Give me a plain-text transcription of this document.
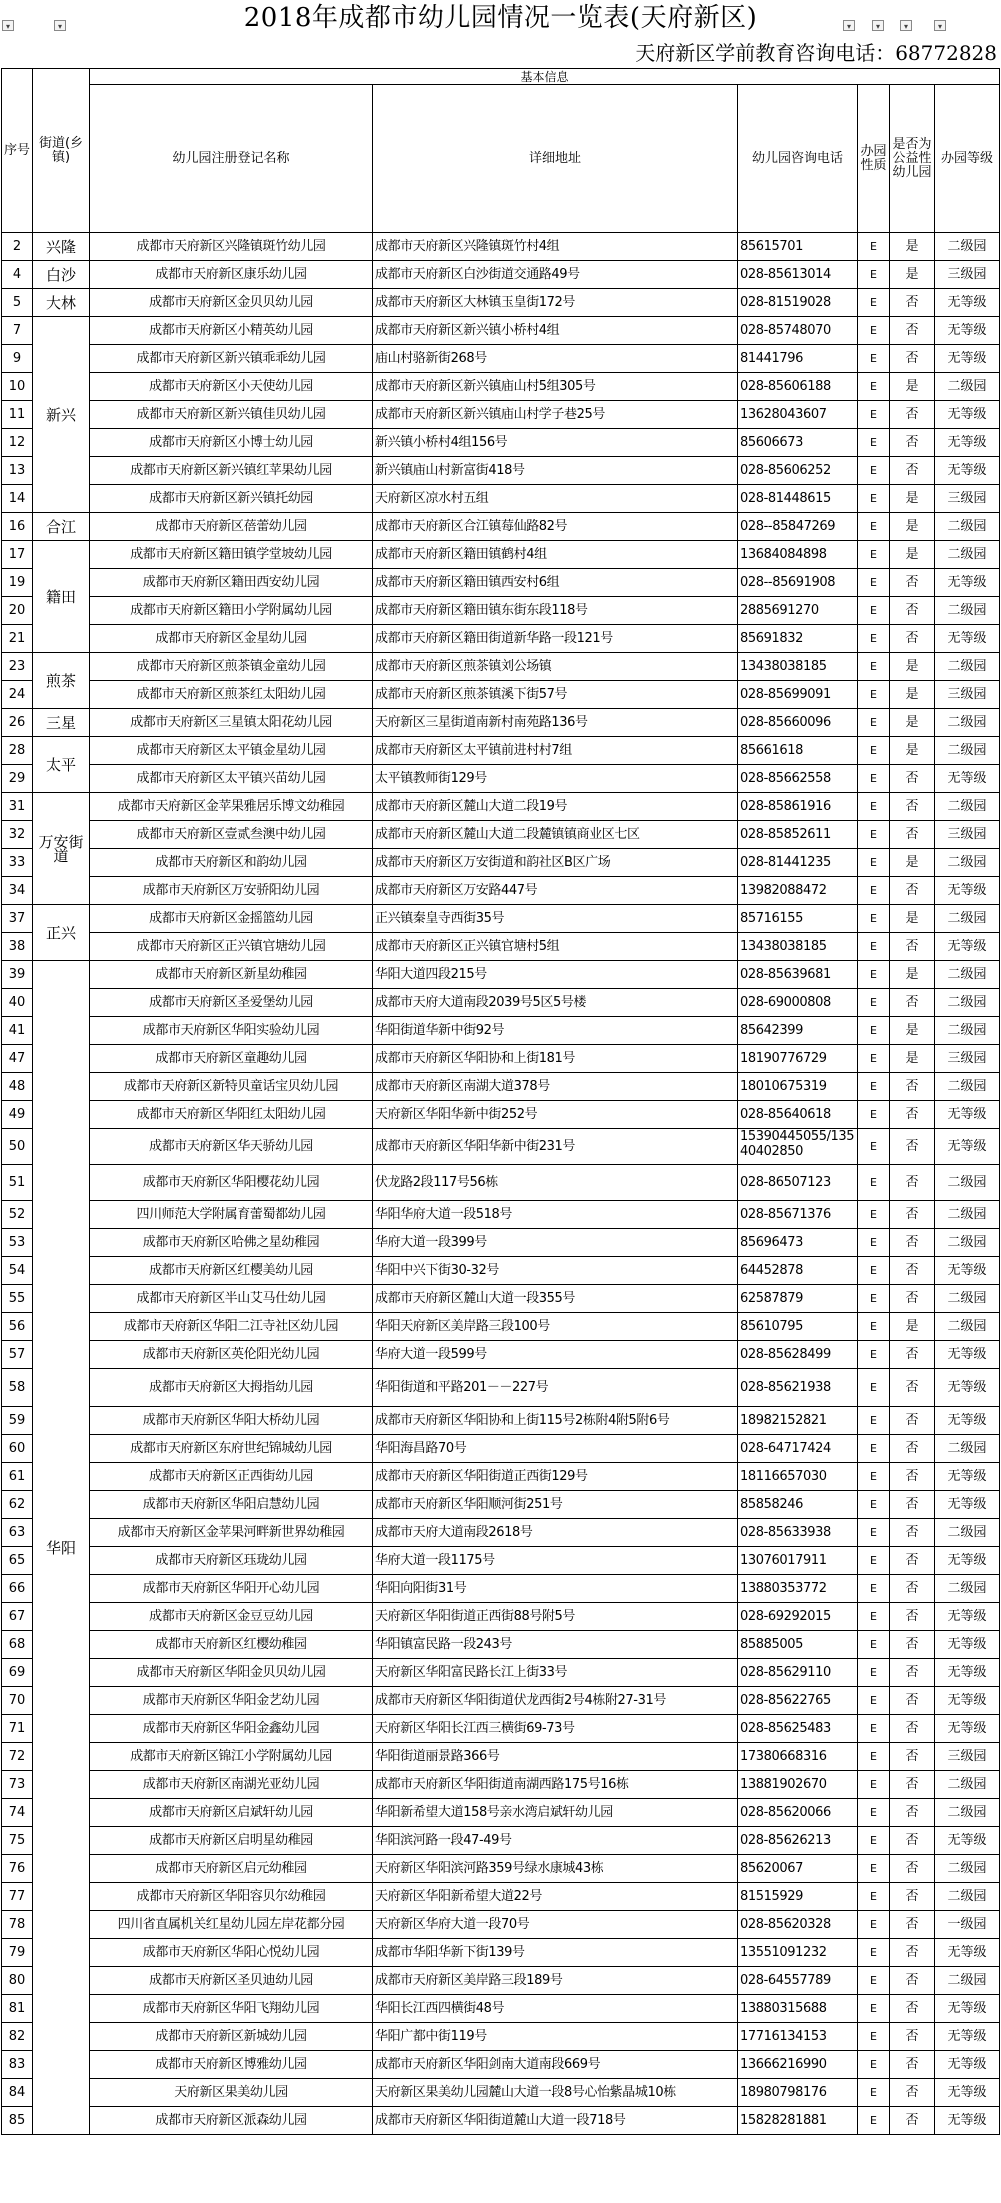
2018年成都市幼儿园情况一览表(天府新区)
▾	▾	▾	▾	▾	▾
天府新区学前教育咨询电话：68772828
序号	街道(乡镇)	基本信息					
		幼儿园注册登记名称	详细地址	幼儿园咨询电话	办园性质	是否为公益性幼儿园	办园等级
2	兴隆	成都市天府新区兴隆镇斑竹幼儿园	成都市天府新区兴隆镇斑竹村4组	85615701	E	是	二级园
4	白沙	成都市天府新区康乐幼儿园	成都市天府新区白沙街道交通路49号	028-85613014	E	是	三级园
5	大林	成都市天府新区金贝贝幼儿园	成都市天府新区大林镇玉皇街172号	028-81519028	E	否	无等级
7	新兴	成都市天府新区小精英幼儿园	成都市天府新区新兴镇小桥村4组	028-85748070	E	否	无等级
9		成都市天府新区新兴镇乖乖幼儿园	庙山村骆新街268号	81441796	E	否	无等级
10		成都市天府新区小天使幼儿园	成都市天府新区新兴镇庙山村5组305号	028-85606188	E	是	二级园
11		成都市天府新区新兴镇佳贝幼儿园	成都市天府新区新兴镇庙山村学子巷25号	13628043607	E	否	无等级
12		成都市天府新区小博士幼儿园	新兴镇小桥村4组156号	85606673	E	否	无等级
13		成都市天府新区新兴镇红苹果幼儿园	新兴镇庙山村新富街418号	028-85606252	E	否	无等级
14		成都市天府新区新兴镇托幼园	天府新区凉水村五组	028-81448615	E	是	三级园
16	合江	成都市天府新区蓓蕾幼儿园	成都市天府新区合江镇莓仙路82号	028--85847269	E	是	二级园
17	籍田	成都市天府新区籍田镇学堂坡幼儿园	成都市天府新区籍田镇鹤村4组	13684084898	E	是	二级园
19		成都市天府新区籍田西安幼儿园	成都市天府新区籍田镇西安村6组	028--85691908	E	否	无等级
20		成都市天府新区籍田小学附属幼儿园	成都市天府新区籍田镇东街东段118号	2885691270	E	否	二级园
21		成都市天府新区金星幼儿园	成都市天府新区籍田街道新华路一段121号	85691832	E	否	无等级
23	煎茶	成都市天府新区煎茶镇金童幼儿园	成都市天府新区煎茶镇刘公场镇	13438038185	E	是	二级园
24		成都市天府新区煎茶红太阳幼儿园	成都市天府新区煎茶镇溪下街57号	028-85699091	E	是	三级园
26	三星	成都市天府新区三星镇太阳花幼儿园	天府新区三星街道南新村南苑路136号	028-85660096	E	是	二级园
28	太平	成都市天府新区太平镇金星幼儿园	成都市天府新区太平镇前进村村7组	85661618	E	是	二级园
29		成都市天府新区太平镇兴苗幼儿园	太平镇教师街129号	028-85662558	E	否	无等级
31	万安街道	成都市天府新区金苹果雅居乐博文幼稚园	成都市天府新区麓山大道二段19号	028-85861916	E	否	二级园
32		成都市天府新区壹贰叁澳中幼儿园	成都市天府新区麓山大道二段麓镇镇商业区七区	028-85852611	E	否	三级园
33		成都市天府新区和韵幼儿园	成都市天府新区万安街道和韵社区B区广场	028-81441235	E	是	二级园
34		成都市天府新区万安骄阳幼儿园	成都市天府新区万安路447号	13982088472	E	否	无等级
37	正兴	成都市天府新区金摇篮幼儿园	正兴镇秦皇寺西街35号	85716155	E	是	二级园
38		成都市天府新区正兴镇官塘幼儿园	成都市天府新区正兴镇官塘村5组	13438038185	E	否	无等级
39	华阳	成都市天府新区新星幼稚园	华阳大道四段215号	028-85639681	E	是	二级园
40		成都市天府新区圣爱堡幼儿园	成都市天府大道南段2039号5区5号楼	028-69000808	E	否	二级园
41		成都市天府新区华阳实验幼儿园	华阳街道华新中街92号	85642399	E	是	二级园
47		成都市天府新区童趣幼儿园	成都市天府新区华阳协和上街181号	18190776729	E	是	三级园
48		成都市天府新区新特贝童话宝贝幼儿园	成都市天府新区南湖大道378号	18010675319	E	否	二级园
49		成都市天府新区华阳红太阳幼儿园	天府新区华阳华新中街252号	028-85640618	E	否	无等级
50		成都市天府新区华天骄幼儿园	成都市天府新区华阳华新中街231号	15390445055/13540402850	E	否	无等级
51		成都市天府新区华阳樱花幼儿园	伏龙路2段117号56栋	028-86507123	E	否	二级园
52		四川师范大学附属育蕾蜀都幼儿园	华阳华府大道一段518号	028-85671376	E	否	二级园
53		成都市天府新区哈佛之星幼稚园	华府大道一段399号	85696473	E	否	二级园
54		成都市天府新区红樱美幼儿园	华阳中兴下街30-32号	64452878	E	否	无等级
55		成都市天府新区半山艾马仕幼儿园	成都市天府新区麓山大道一段355号	62587879	E	否	二级园
56		成都市天府新区华阳二江寺社区幼儿园	华阳天府新区美岸路三段100号	85610795	E	是	二级园
57		成都市天府新区英伦阳光幼儿园	华府大道一段599号	028-85628499	E	否	无等级
58		成都市天府新区大拇指幼儿园	华阳街道和平路201－－227号	028-85621938	E	否	无等级
59		成都市天府新区华阳大桥幼儿园	成都市天府新区华阳协和上街115号2栋附4附5附6号	18982152821	E	否	无等级
60		成都市天府新区东府世纪锦城幼儿园	华阳海昌路70号	028-64717424	E	否	二级园
61		成都市天府新区正西街幼儿园	成都市天府新区华阳街道正西街129号	18116657030	E	否	无等级
62		成都市天府新区华阳启慧幼儿园	成都市天府新区华阳顺河街251号	85858246	E	否	无等级
63		成都市天府新区金苹果河畔新世界幼稚园	成都市天府大道南段2618号	028-85633938	E	否	二级园
65		成都市天府新区珏珑幼儿园	华府大道一段1175号	13076017911	E	否	无等级
66		成都市天府新区华阳开心幼儿园	华阳向阳街31号	13880353772	E	否	二级园
67		成都市天府新区金豆豆幼儿园	天府新区华阳街道正西街88号附5号	028-69292015	E	否	无等级
68		成都市天府新区红樱幼稚园	华阳镇富民路一段243号	85885005	E	否	无等级
69		成都市天府新区华阳金贝贝幼儿园	天府新区华阳富民路长江上街33号	028-85629110	E	否	无等级
70		成都市天府新区华阳金艺幼儿园	成都市天府新区华阳街道伏龙西街2号4栋附27-31号	028-85622765	E	否	无等级
71		成都市天府新区华阳金鑫幼儿园	天府新区华阳长江西三横街69-73号	028-85625483	E	否	无等级
72		成都市天府新区锦江小学附属幼儿园	华阳街道丽景路366号	17380668316	E	否	三级园
73		成都市天府新区南湖光亚幼儿园	成都市天府新区华阳街道南湖西路175号16栋	13881902670	E	否	二级园
74		成都市天府新区启斌轩幼儿园	华阳新希望大道158号亲水湾启斌轩幼儿园	028-85620066	E	否	二级园
75		成都市天府新区启明星幼稚园	华阳滨河路一段47-49号	028-85626213	E	否	无等级
76		成都市天府新区启元幼稚园	天府新区华阳滨河路359号绿水康城43栋	85620067	E	否	二级园
77		成都市天府新区华阳容贝尔幼稚园	天府新区华阳新希望大道22号	81515929	E	否	二级园
78		四川省直属机关红星幼儿园左岸花都分园	天府新区华府大道一段70号	028-85620328	E	否	一级园
79		成都市天府新区华阳心悦幼儿园	成都市华阳华新下街139号	13551091232	E	否	无等级
80		成都市天府新区圣贝迪幼儿园	成都市天府新区美岸路三段189号	028-64557789	E	否	二级园
81		成都市天府新区华阳飞翔幼儿园	华阳长江西四横街48号	13880315688	E	否	无等级
82		成都市天府新区新城幼儿园	华阳广都中街119号	17716134153	E	否	无等级
83		成都市天府新区博雅幼儿园	成都市天府新区华阳剑南大道南段669号	13666216990	E	否	无等级
84		天府新区果美幼儿园	天府新区果美幼儿园麓山大道一段8号心怡紫晶城10栋	18980798176	E	否	无等级
85		成都市天府新区派森幼儿园	成都市天府新区华阳街道麓山大道一段718号	15828281881	E	否	无等级
